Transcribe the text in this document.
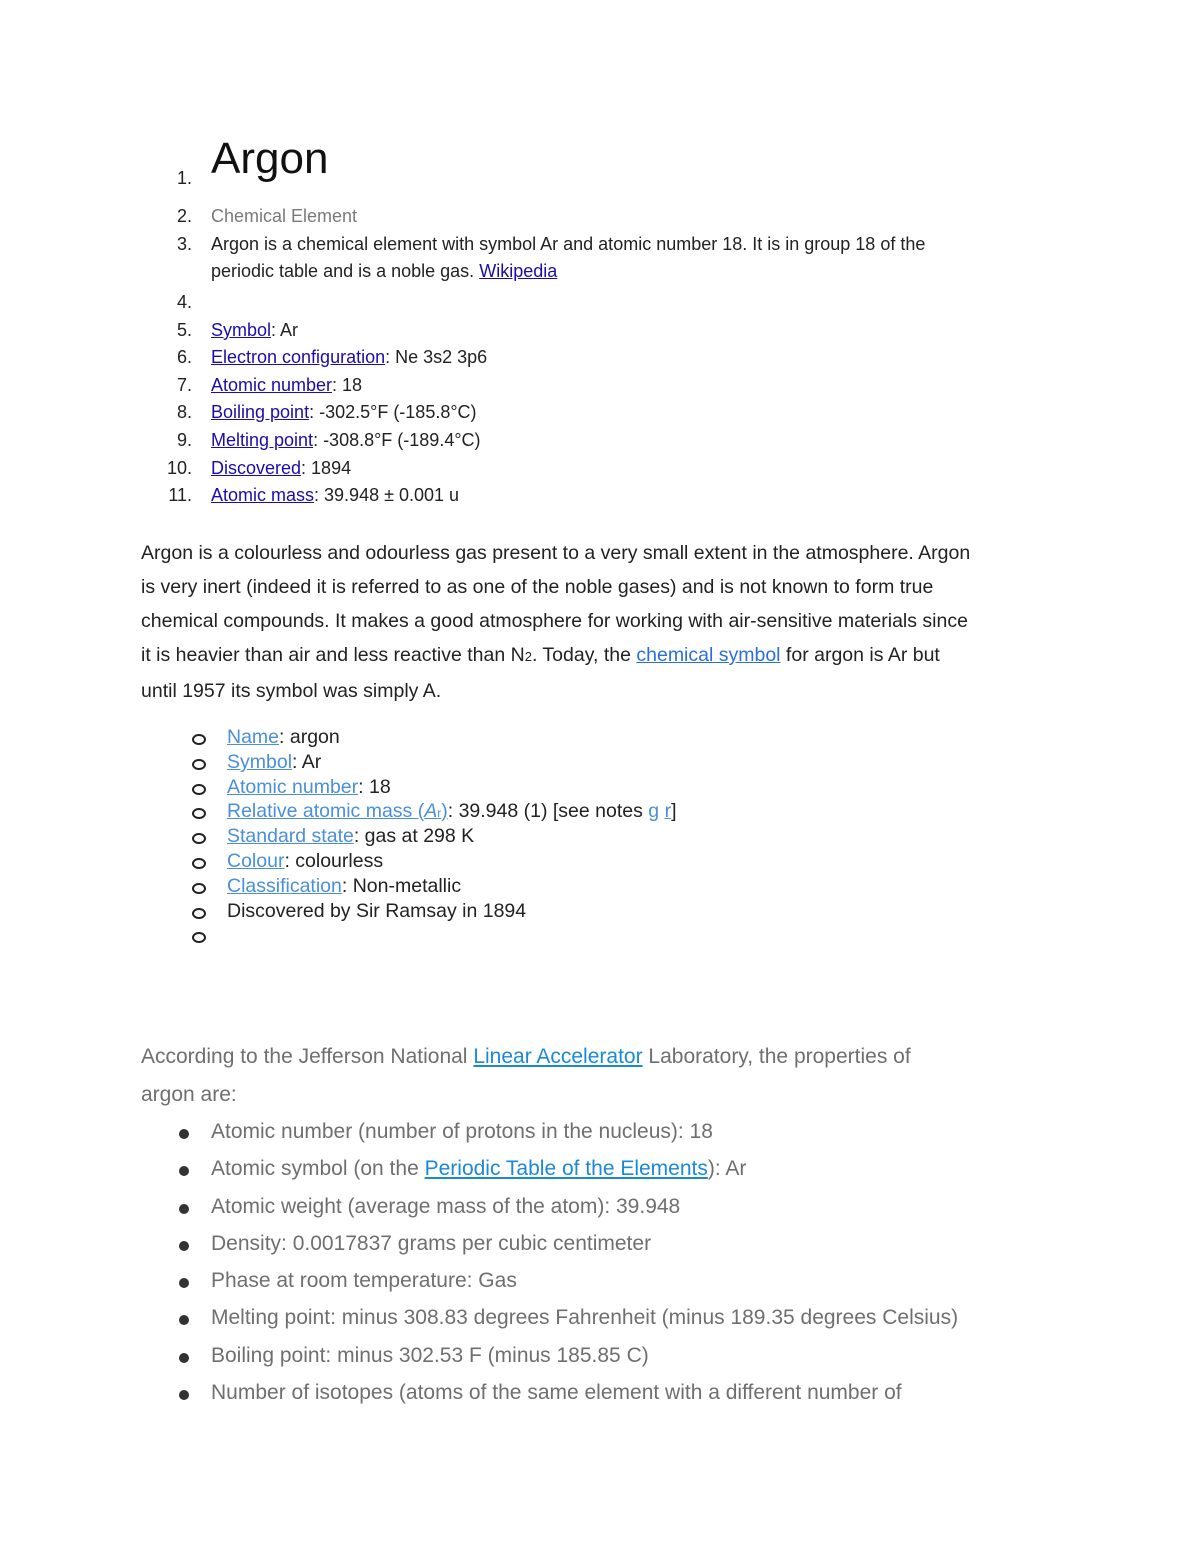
1. Argon
2. Chemical Element
3. Argon is a chemical element with symbol Ar and atomic number 18. It is in group 18 of the
periodic table and is a noble gas. Wikipedia
4.
5. Symbol: Ar
6. Electron configuration: Ne 3s2 3p6
7. Atomic number: 18
8. Boiling point: -302.5°F (-185.8°C)
9. Melting point: -308.8°F (-189.4°C)
10. Discovered: 1894
11. Atomic mass: 39.948 ± 0.001 u
Argon is a colourless and odourless gas present to a very small extent in the atmosphere. Argon
is very inert (indeed it is referred to as one of the noble gases) and is not known to form true
chemical compounds. It makes a good atmosphere for working with air-sensitive materials since
it is heavier than air and less reactive than N2. Today, the chemical symbol for argon is Ar but
until 1957 its symbol was simply A.
Name: argon
Symbol: Ar
Atomic number: 18
Relative atomic mass (Ar): 39.948 (1) [see notes g r]
Standard state: gas at 298 K
Colour: colourless
Classification: Non-metallic
Discovered by Sir Ramsay in 1894
According to the Jefferson National Linear Accelerator Laboratory, the properties of
argon are:
Atomic number (number of protons in the nucleus): 18
Atomic symbol (on the Periodic Table of the Elements): Ar
Atomic weight (average mass of the atom): 39.948
Density: 0.0017837 grams per cubic centimeter
Phase at room temperature: Gas
Melting point: minus 308.83 degrees Fahrenheit (minus 189.35 degrees Celsius)
Boiling point: minus 302.53 F (minus 185.85 C)
Number of isotopes (atoms of the same element with a different number of
